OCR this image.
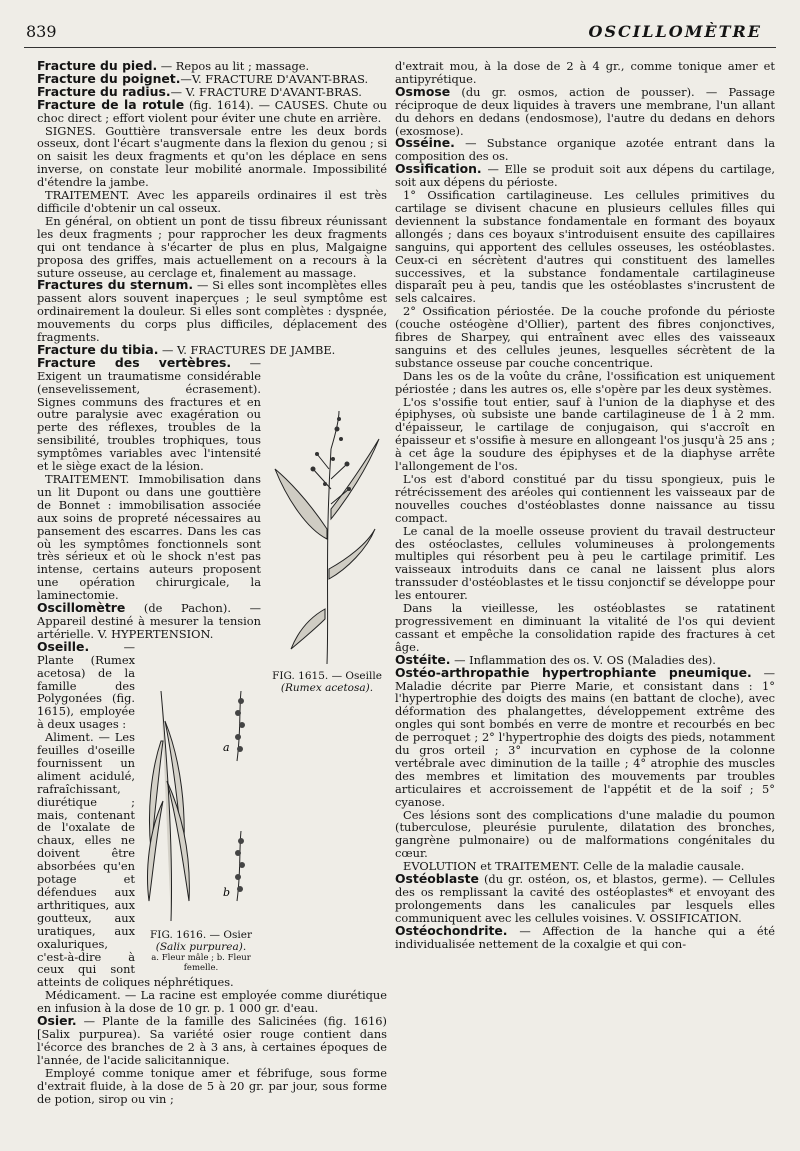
839	OSCILLOMÈTRE

Fracture du pied. — Repos au lit ; massage.

Fracture du poignet.—V. FRACTURE D'AVANT-BRAS.

Fracture du radius.— V. FRACTURE D'AVANT-BRAS.

Fracture de la rotule (fig. 1614). — CAUSES. Chute ou choc direct ; effort violent pour éviter une chute en arrière.

SIGNES. Gouttière transversale entre les deux bords osseux, dont l'écart s'augmente dans la flexion du genou ; si on saisit les deux fragments et qu'on les déplace en sens inverse, on constate leur mobilité anormale. Impossibilité d'étendre la jambe.

TRAITEMENT. Avec les appareils ordinaires il est très difficile d'obtenir un cal osseux.

En général, on obtient un pont de tissu fibreux réunissant les deux fragments ; pour rapprocher les deux fragments qui ont tendance à s'écarter de plus en plus, Malgaigne proposa des griffes, mais actuellement on a recours à la suture osseuse, au cerclage et, finalement au massage.

Fractures du sternum. — Si elles sont incomplètes elles passent alors souvent inaperçues ; le seul symptôme est ordinairement la douleur. Si elles sont complètes : dyspnée, mouvements du corps plus difficiles, déplacement des fragments.

Fracture du tibia. — V. FRACTURES DE JAMBE.

FIG. 1615. — Oseille
(Rumex acetosa).

Fracture des vertèbres. — Exigent un traumatisme considérable (ensevelissement, écrasement). Signes communs des fractures et en outre paralysie avec exagération ou perte des réflexes, troubles de la sensibilité, troubles trophiques, tous symptômes variables avec l'intensité et le siège exact de la lésion.

TRAITEMENT. Immobilisation dans un lit Dupont ou dans une gouttière de Bonnet : immobilisation associée aux soins de propreté nécessaires au pansement des escarres. Dans les cas où les symptômes fonctionnels sont très sérieux et où le shock n'est pas intense, certains auteurs proposent une opération chirurgicale, la laminectomie.

Oscillomètre (de Pachon). — Appareil destiné à mesurer la tension artérielle. V. HYPERTENSION.

a
b
FIG. 1616. — Osier
(Salix purpurea).
a. Fleur mâle ; b. Fleur femelle.

Oseille. — Plante (Rumex acetosa) de la famille des Polygonées (fig. 1615), employée à deux usages :

Aliment. — Les feuilles d'oseille fournissent un aliment acidulé, rafraîchissant, diurétique ; mais, contenant de l'oxalate de chaux, elles ne doivent être absorbées qu'en potage et défendues aux arthritiques, aux goutteux, aux uratiques, aux oxaluriques, c'est-à-dire à ceux qui sont atteints de coliques néphrétiques.

Médicament. — La racine est employée comme diurétique en infusion à la dose de 10 gr. p. 1 000 gr. d'eau.

Osier. — Plante de la famille des Salicinées (fig. 1616) [Salix purpurea). Sa variété osier rouge contient dans l'écorce des branches de 2 à 3 ans, à certaines époques de l'année, de l'acide salicitannique.

Employé comme tonique amer et fébrifuge, sous forme d'extrait fluide, à la dose de 5 à 20 gr. par jour, sous forme de potion, sirop ou vin ;

d'extrait mou, à la dose de 2 à 4 gr., comme tonique amer et antipyrétique.

Osmose (du gr. osmos, action de pousser). — Passage réciproque de deux liquides à travers une membrane, l'un allant du dehors en dedans (endosmose), l'autre du dedans en dehors (exosmose).

Osséine. — Substance organique azotée entrant dans la composition des os.

Ossification. — Elle se produit soit aux dépens du cartilage, soit aux dépens du périoste.

1° Ossification cartilagineuse. Les cellules primitives du cartilage se divisent chacune en plusieurs cellules filles qui deviennent la substance fondamentale en formant des boyaux allongés ; dans ces boyaux s'introduisent ensuite des capillaires sanguins, qui apportent des cellules osseuses, les ostéoblastes. Ceux-ci en sécrètent d'autres qui constituent des lamelles successives, et la substance fondamentale cartilagineuse disparaît peu à peu, tandis que les ostéoblastes s'incrustent de sels calcaires.

2° Ossification périostée. De la couche profonde du périoste (couche ostéogène d'Ollier), partent des fibres conjonctives, fibres de Sharpey, qui entraînent avec elles des vaisseaux sanguins et des cellules jeunes, lesquelles sécrètent de la substance osseuse par couche concentrique.

Dans les os de la voûte du crâne, l'ossification est uniquement périostée ; dans les autres os, elle s'opère par les deux systèmes.

L'os s'ossifie tout entier, sauf à l'union de la diaphyse et des épiphyses, où subsiste une bande cartilagineuse de 1 à 2 mm. d'épaisseur, le cartilage de conjugaison, qui s'accroît en épaisseur et s'ossifie à mesure en allongeant l'os jusqu'à 25 ans ; à cet âge la soudure des épiphyses et de la diaphyse arrête l'allongement de l'os.

L'os est d'abord constitué par du tissu spongieux, puis le rétrécissement des aréoles qui contiennent les vaisseaux par de nouvelles couches d'ostéoblastes donne naissance au tissu compact.

Le canal de la moelle osseuse provient du travail destructeur des ostéoclastes, cellules volumineuses à prolongements multiples qui résorbent peu à peu le cartilage primitif. Les vaisseaux introduits dans ce canal ne laissent plus alors transsuder d'ostéoblastes et le tissu conjonctif se développe pour les entourer.

Dans la vieillesse, les ostéoblastes se ratatinent progressivement en diminuant la vitalité de l'os qui devient cassant et empêche la consolidation rapide des fractures à cet âge.

Ostéite. — Inflammation des os. V. OS (Maladies des).

Ostéo-arthropathie hypertrophiante pneumique. — Maladie décrite par Pierre Marie, et consistant dans : 1° l'hypertrophie des doigts des mains (en battant de cloche), avec déformation des phalangettes, développement extrême des ongles qui sont bombés en verre de montre et recourbés en bec de perroquet ; 2° l'hypertrophie des doigts des pieds, notamment du gros orteil ; 3° incurvation en cyphose de la colonne vertébrale avec diminution de la taille ; 4° atrophie des muscles des membres et limitation des mouvements par troubles articulaires et accroissement de l'appétit et de la soif ; 5° cyanose.

Ces lésions sont des complications d'une maladie du poumon (tuberculose, pleurésie purulente, dilatation des bronches, gangrène pulmonaire) ou de malformations congénitales du cœur.

EVOLUTION et TRAITEMENT. Celle de la maladie causale.

Ostéoblaste (du gr. ostéon, os, et blastos, germe). — Cellules des os remplissant la cavité des ostéoplastes* et envoyant des prolongements dans les canalicules par lesquels elles communiquent avec les cellules voisines. V. OSSIFICATION.

Ostéochondrite. — Affection de la hanche qui a été individualisée nettement de la coxalgie et qui con-
